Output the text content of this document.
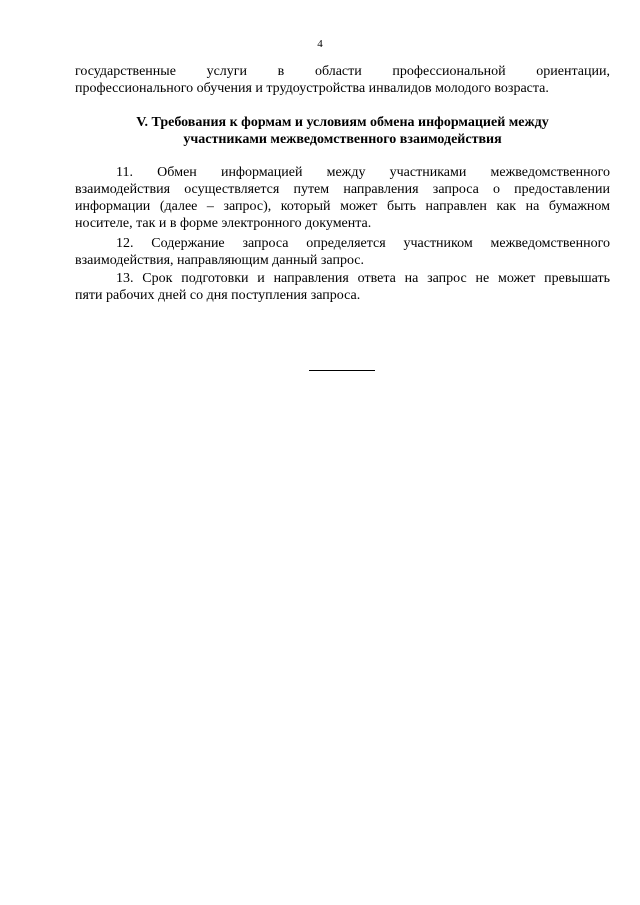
4
государственные услуги в области профессиональной ориентации,
профессионального обучения и трудоустройства инвалидов молодого возраста.
V. Требования к формам и условиям обмена информацией между
участниками межведомственного взаимодействия
11. Обмен информацией между участниками межведомственного
взаимодействия осуществляется путем направления запроса о предоставлении
информации (далее – запрос), который может быть направлен как на бумажном
носителе, так и в форме электронного документа.
12. Содержание запроса определяется участником межведомственного
взаимодействия, направляющим данный запрос.
13. Срок подготовки и направления ответа на запрос не может превышать
пяти рабочих дней со дня поступления запроса.
